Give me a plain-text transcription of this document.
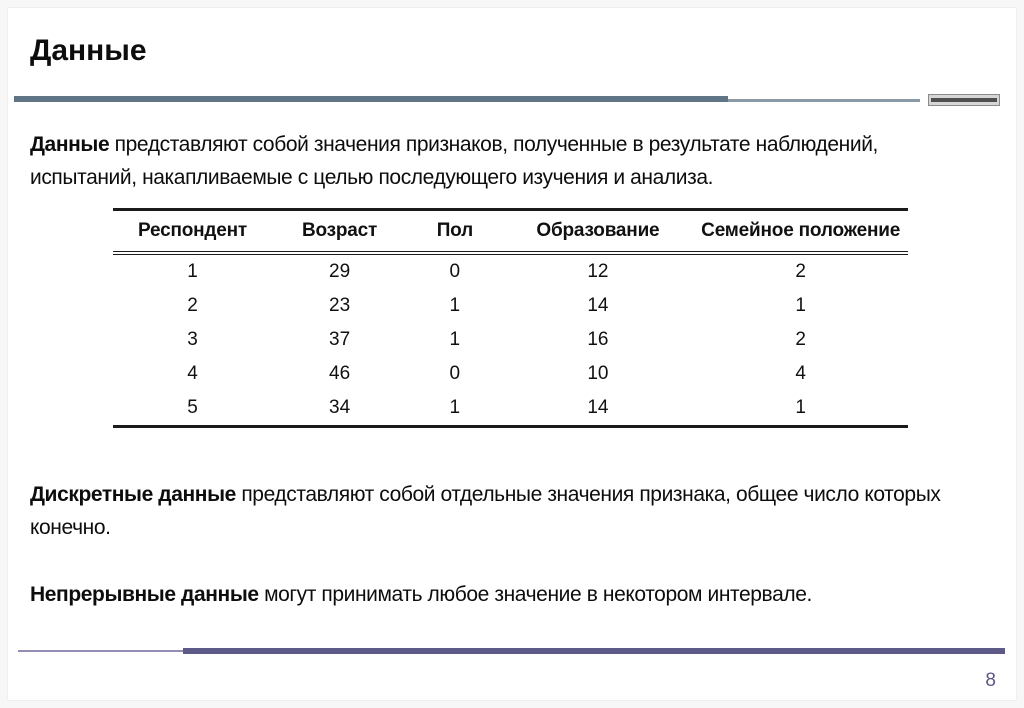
Данные
Данные представляют собой значения признаков, полученные в результате наблюдений, испытаний, накапливаемые с целью последующего изучения и анализа.
Респондент	Возраст	Пол	Образование	Семейное положение
1	29	0	12	2
2	23	1	14	1
3	37	1	16	2
4	46	0	10	4
5	34	1	14	1
Дискретные данные представляют собой отдельные значения признака, общее число которых конечно.
Непрерывные данные могут принимать любое значение в некотором интервале.
8
